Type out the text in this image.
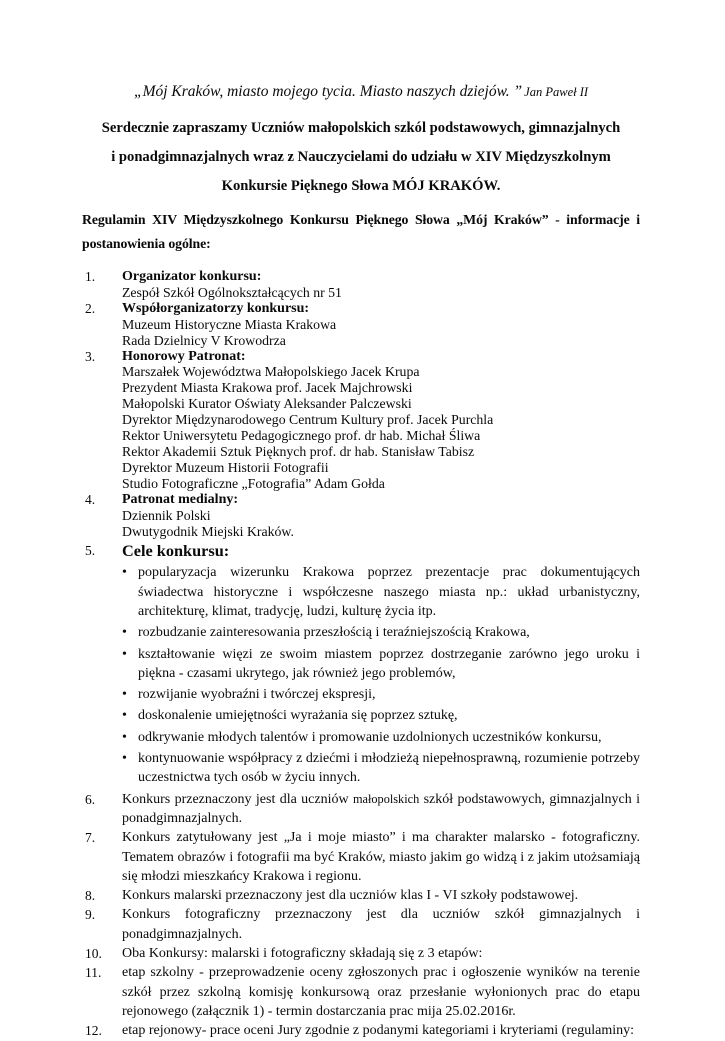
„Mój Kraków, miasto mojego tycia. Miasto naszych dziejów. ” Jan Paweł II
Serdecznie zapraszamy Uczniów małopolskich szkól podstawowych, gimnazjalnych
i ponadgimnazjalnych wraz z Nauczycielami do udziału w XIV Międzyszkolnym
Konkursie Pięknego Słowa MÓJ KRAKÓW.

Regulamin XIV Międzyszkolnego Konkursu Pięknego Słowa „Mój Kraków” - informacje i postanowienia ogólne:

1.	Organizator konkursu:
Zespół Szkół Ogólnokształcących nr 51
2.	Współorganizatorzy konkursu:
Muzeum Historyczne Miasta Krakowa
Rada Dzielnicy V Krowodrza
3.	Honorowy Patronat:
Marszałek Województwa Małopolskiego Jacek Krupa
Prezydent Miasta Krakowa prof. Jacek Majchrowski
Małopolski Kurator Oświaty Aleksander Palczewski
Dyrektor Międzynarodowego Centrum Kultury prof. Jacek Purchla
Rektor Uniwersytetu Pedagogicznego prof. dr hab. Michał Śliwa
Rektor Akademii Sztuk Pięknych prof. dr hab. Stanisław Tabisz
Dyrektor Muzeum Historii Fotografii
Studio Fotograficzne „Fotografia” Adam Gołda
4.	Patronat medialny:
Dziennik Polski
Dwutygodnik Miejski Kraków.
5.	Cele konkursu:
• popularyzacja wizerunku Krakowa poprzez prezentacje prac dokumentujących świadectwa historyczne i współczesne naszego miasta np.: układ urbanistyczny, architekturę, klimat, tradycję, ludzi, kulturę życia itp.
• rozbudzanie zainteresowania przeszłością i teraźniejszością Krakowa,
• kształtowanie więzi ze swoim miastem poprzez dostrzeganie zarówno jego uroku i piękna - czasami ukrytego, jak również jego problemów,
• rozwijanie wyobraźni i twórczej ekspresji,
• doskonalenie umiejętności wyrażania się poprzez sztukę,
• odkrywanie młodych talentów i promowanie uzdolnionych uczestników konkursu,
• kontynuowanie współpracy z dziećmi i młodzieżą niepełnosprawną, rozumienie potrzeby uczestnictwa tych osób w życiu innych.
6.	Konkurs przeznaczony jest dla uczniów małopolskich szkół podstawowych, gimnazjalnych i ponadgimnazjalnych.
7.	Konkurs zatytułowany jest „Ja i moje miasto” i ma charakter malarsko - fotograficzny. Tematem obrazów i fotografii ma być Kraków, miasto jakim go widzą i z jakim utożsamiają się młodzi mieszkańcy Krakowa i regionu.
8.	Konkurs malarski przeznaczony jest dla uczniów klas I - VI szkoły podstawowej.
9.	Konkurs fotograficzny przeznaczony jest dla uczniów szkół gimnazjalnych i ponadgimnazjalnych.
10.	Oba Konkursy: malarski i fotograficzny składają się z 3 etapów:
11.	etap szkolny - przeprowadzenie oceny zgłoszonych prac i ogłoszenie wyników na terenie szkół przez szkolną komisję konkursową oraz przesłanie wyłonionych prac do etapu rejonowego (załącznik 1) - termin dostarczania prac mija 25.02.2016r.
12.	etap rejonowy- prace oceni Jury zgodnie z podanymi kategoriami i kryteriami (regulaminy:
